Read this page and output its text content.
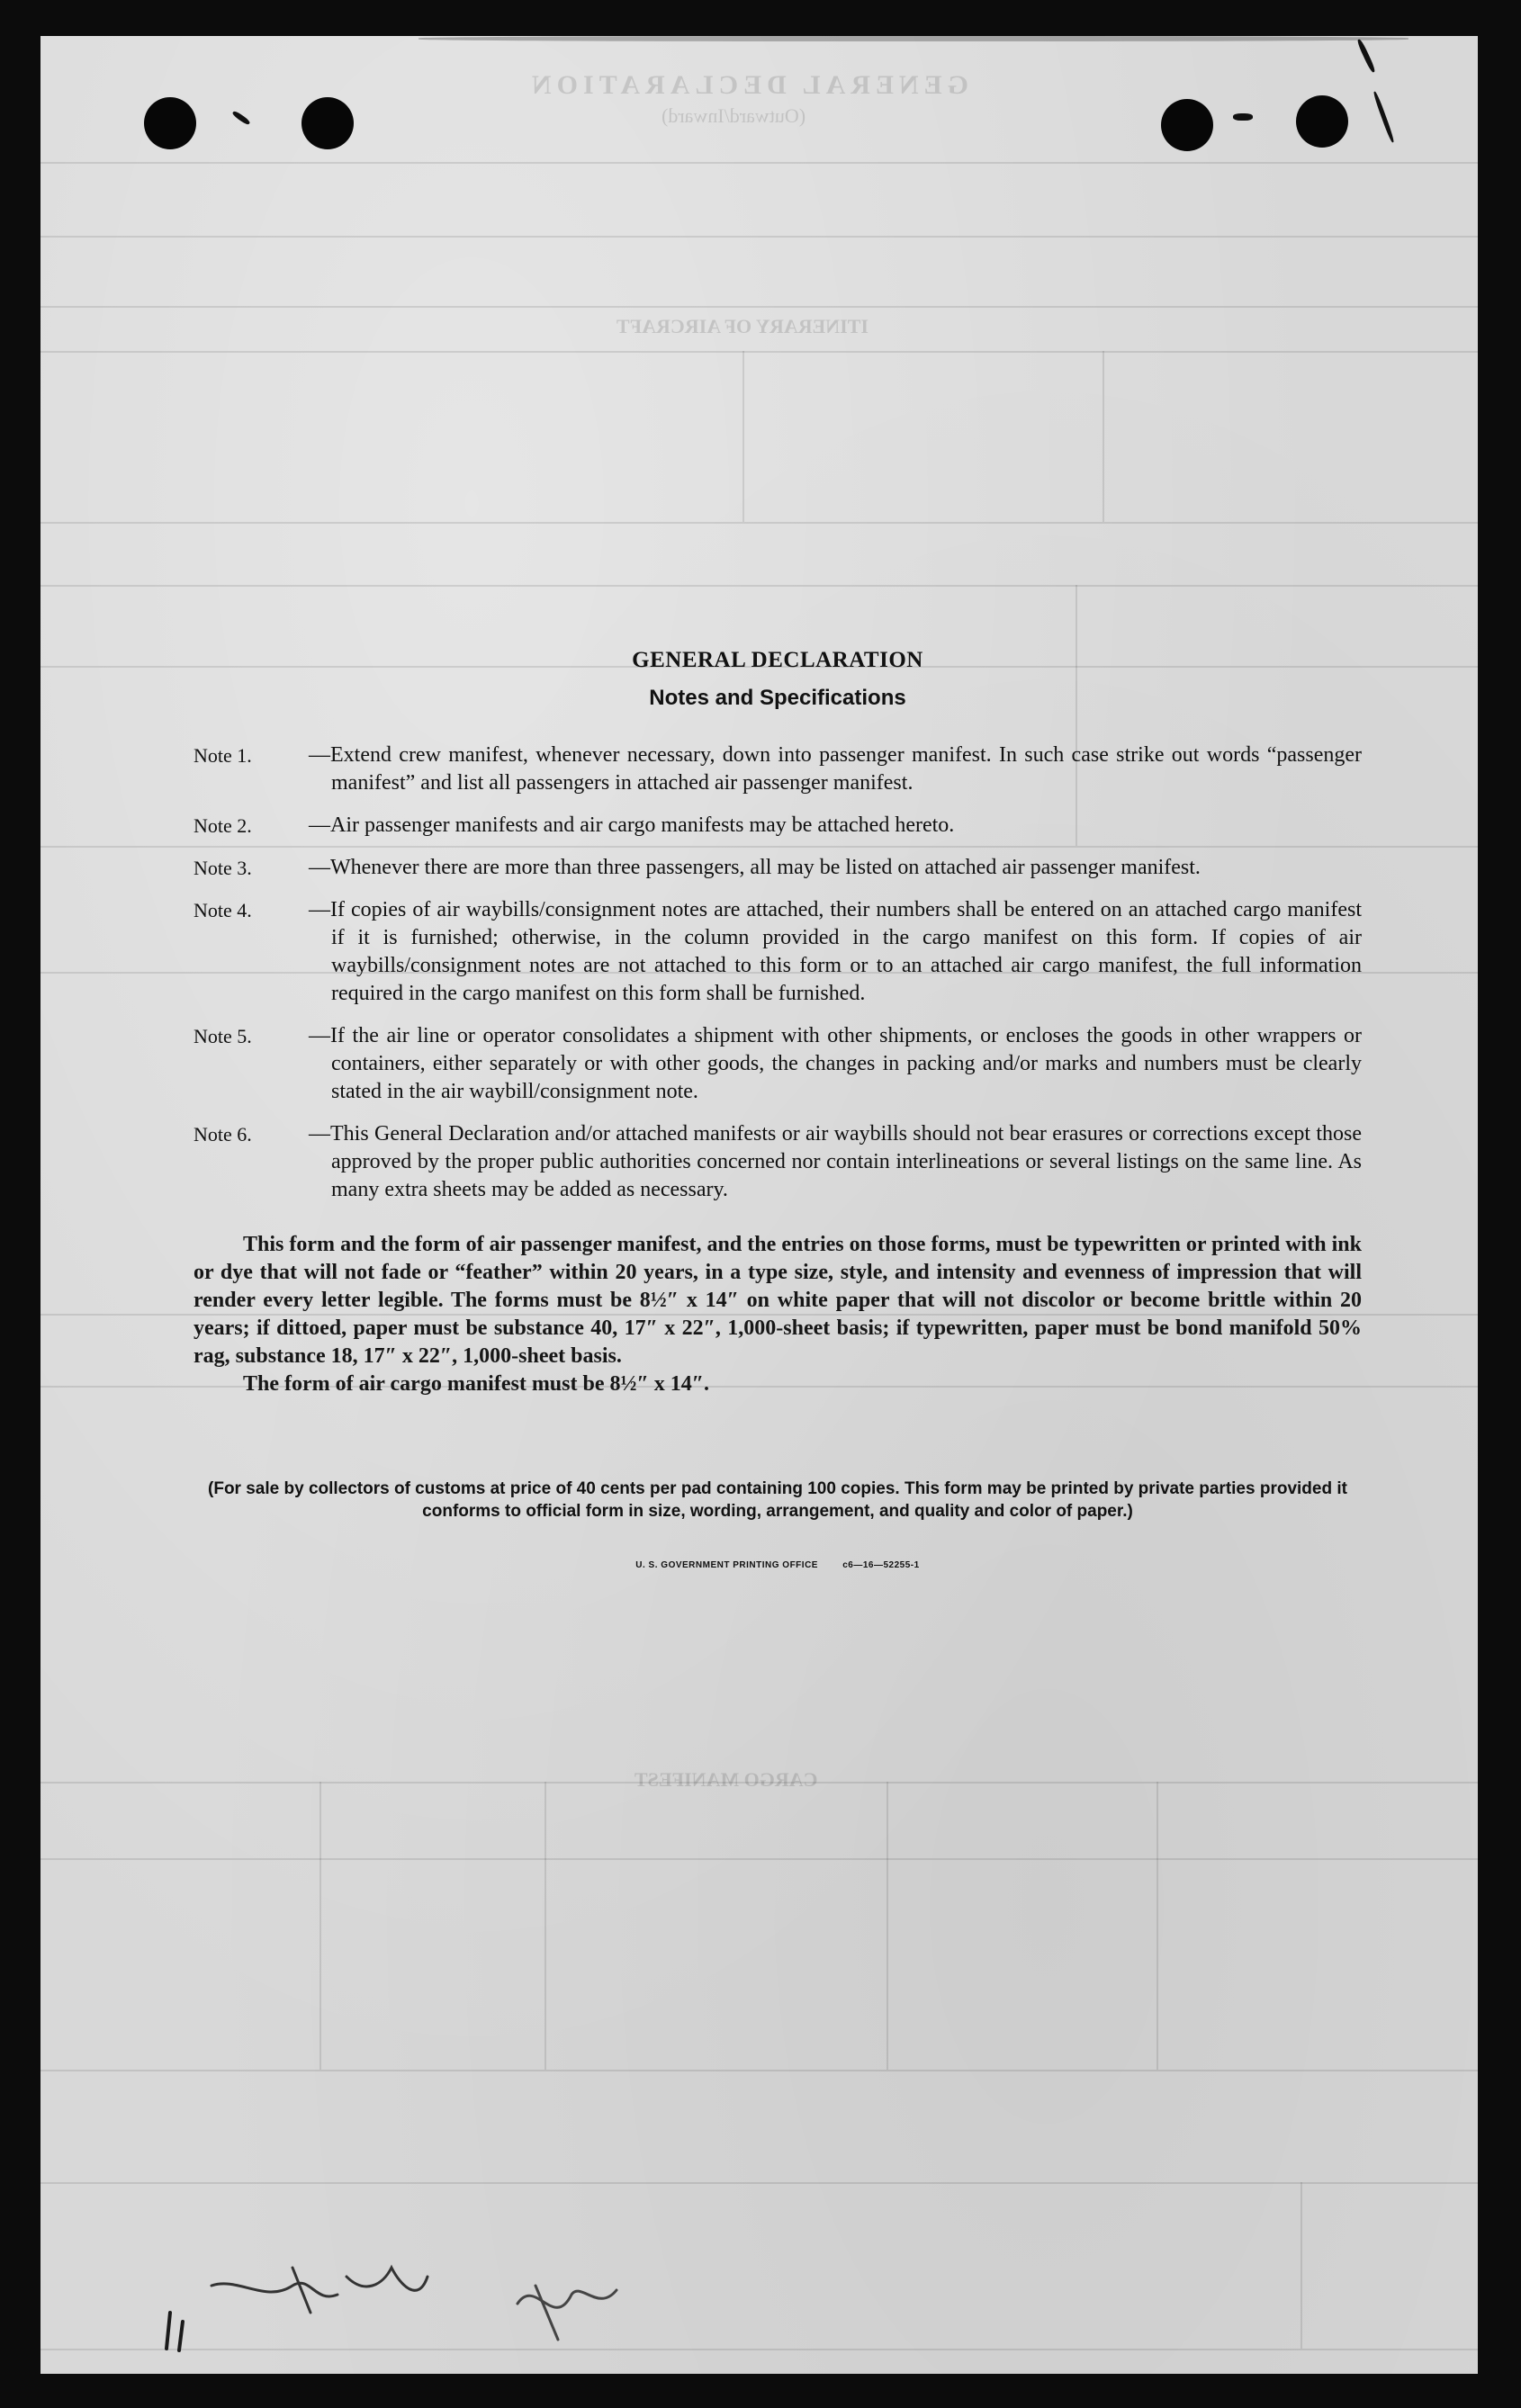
GENERAL DECLARATION
(Outward/Inward)
ITINERARY OF AIRCRAFT
CARGO MANIFEST
GENERAL DECLARATION
Notes and Specifications
Note 1.	—Extend crew manifest, whenever necessary, down into passenger manifest. In such case strike out words “passenger manifest” and list all passengers in attached air passenger manifest.
Note 2.	—Air passenger manifests and air cargo manifests may be attached hereto.
Note 3.	—Whenever there are more than three passengers, all may be listed on attached air passenger manifest.
Note 4.	—If copies of air waybills/consignment notes are attached, their numbers shall be entered on an attached cargo manifest if it is furnished; otherwise, in the column provided in the cargo manifest on this form. If copies of air waybills/consignment notes are not attached to this form or to an attached air cargo manifest, the full information required in the cargo manifest on this form shall be furnished.
Note 5.	—If the air line or operator consolidates a shipment with other shipments, or encloses the goods in other wrappers or containers, either separately or with other goods, the changes in packing and/or marks and numbers must be clearly stated in the air waybill/consignment note.
Note 6.	—This General Declaration and/or attached manifests or air waybills should not bear erasures or corrections except those approved by the proper public authorities concerned nor contain interlineations or several listings on the same line. As many extra sheets may be added as necessary.
This form and the form of air passenger manifest, and the entries on those forms, must be typewritten or printed with ink or dye that will not fade or “feather” within 20 years, in a type size, style, and intensity and evenness of impression that will render every letter legible. The forms must be 8½″ x 14″ on white paper that will not discolor or become brittle within 20 years; if dittoed, paper must be substance 40, 17″ x 22″, 1,000-sheet basis; if typewritten, paper must be bond manifold 50% rag, substance 18, 17″ x 22″, 1,000-sheet basis.
The form of air cargo manifest must be 8½″ x 14″.
(For sale by collectors of customs at price of 40 cents per pad containing 100 copies. This form may be printed by private parties provided it conforms to official form in size, wording, arrangement, and quality and color of paper.)
U. S. GOVERNMENT PRINTING OFFICE	c6—16—52255-1
